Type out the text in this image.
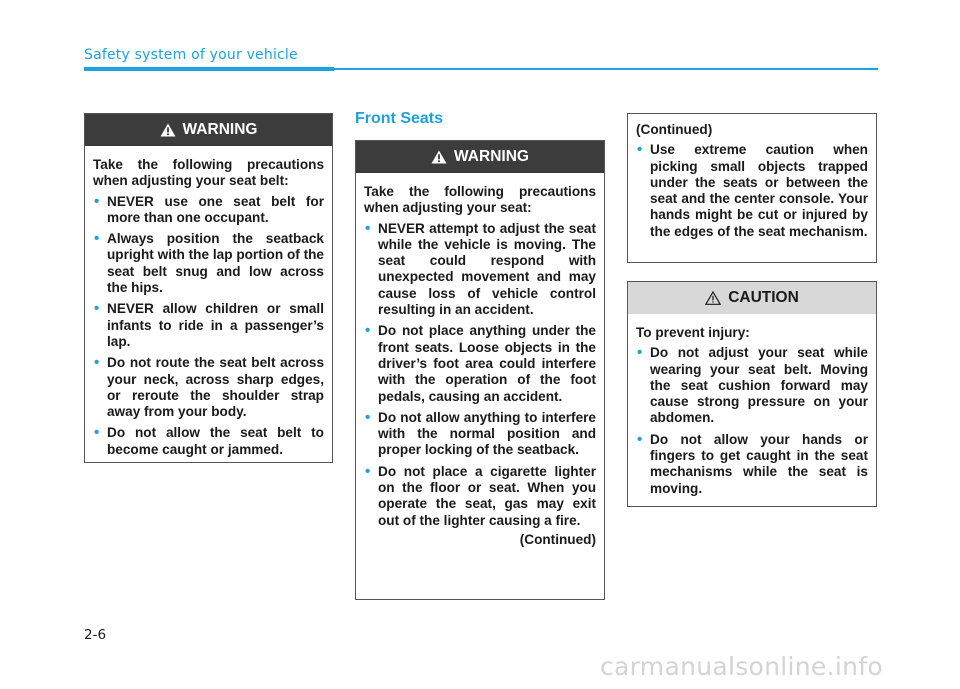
Safety system of your vehicle
WARNING

Take the following precautions when adjusting your seat belt:

• NEVER use one seat belt for more than one occupant.
• Always position the seatback upright with the lap portion of the seat belt snug and low across the hips.
• NEVER allow children or small infants to ride in a passenger’s lap.
• Do not route the seat belt across your neck, across sharp edges, or reroute the shoulder strap away from your body.
• Do not allow the seat belt to become caught or jammed.
Front Seats
WARNING

Take the following precautions when adjusting your seat:

• NEVER attempt to adjust the seat while the vehicle is moving. The seat could respond with unexpected movement and may cause loss of vehicle control resulting in an accident.
• Do not place anything under the front seats. Loose objects in the driver’s foot area could interfere with the operation of the foot pedals, causing an accident.
• Do not allow anything to interfere with the normal position and proper locking of the seatback.
• Do not place a cigarette lighter on the floor or seat. When you operate the seat, gas may exit out of the lighter causing a fire.
(Continued)

(Continued)

• Use extreme caution when picking small objects trapped under the seats or between the seat and the center console. Your hands might be cut or injured by the edges of the seat mechanism.
CAUTION

To prevent injury:

• Do not adjust your seat while wearing your seat belt. Moving the seat cushion forward may cause strong pressure on your abdomen.
• Do not allow your hands or fingers to get caught in the seat mechanisms while the seat is moving.
2-6
carmanualsonline.info
